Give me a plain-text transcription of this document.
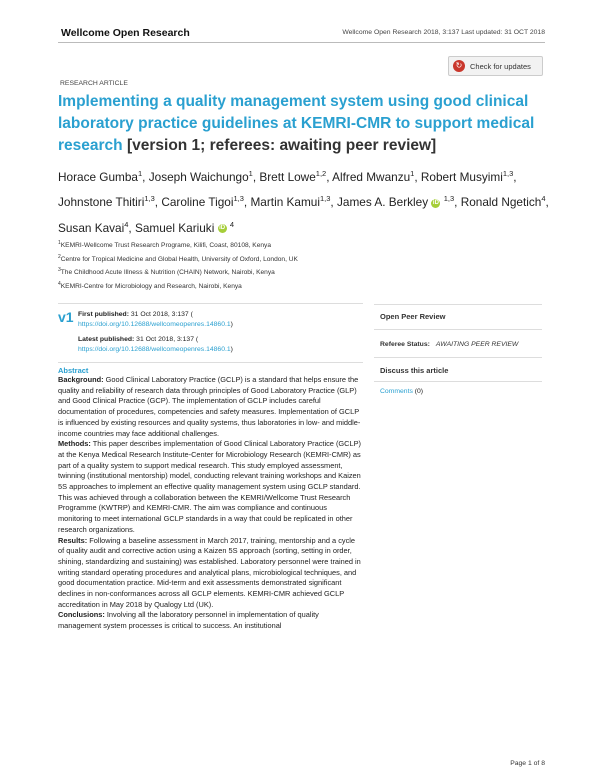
Wellcome Open Research	Wellcome Open Research 2018, 3:137 Last updated: 31 OCT 2018
↻	Check for updates
RESEARCH ARTICLE
Implementing a quality management system using good clinical laboratory practice guidelines at KEMRI-CMR to support medical research [version 1; referees: awaiting peer review]

Horace Gumba$^1$, Joseph Waichungo$^1$, Brett Lowe$^{1,2}$, Alfred Mwanzu$^1$, Robert Musyimi$^{1,3}$, Johnstone Thitiri$^{1,3}$, Caroline Tigoi$^{1,3}$, Martin Kamui$^{1,3}$, James A. Berkley iD $^{1,3}$, Ronald Ngetich$^4$, Susan Kavai$^4$, Samuel Kariuki iD $^4$

$^1$KEMRI-Wellcome Trust Research Programe, Kilifi, Coast, 80108, Kenya
$^2$Centre for Tropical Medicine and Global Health, University of Oxford, London, UK
$^3$The Childhood Acute Illness & Nutrition (CHAIN) Network, Nairobi, Kenya
$^4$KEMRI-Centre for Microbiology and Research, Nairobi, Kenya
v1 First published: 31 Oct 2018, 3:137 (
https://doi.org/10.12688/wellcomeopenres.14860.1)
Latest published: 31 Oct 2018, 3:137 (
https://doi.org/10.12688/wellcomeopenres.14860.1)
Abstract

Background: Good Clinical Laboratory Practice (GCLP) is a standard that helps ensure the quality and reliability of research data through principles of Good Laboratory Practice (GLP) and Good Clinical Practice (GCP). The implementation of GCLP includes careful documentation of procedures, competencies and safety measures. Implementation of GCLP is influenced by existing resources and quality systems, thus laboratories in low- and middle-income countries may face additional challenges.

Methods: This paper describes implementation of Good Clinical Laboratory Practice (GCLP) at the Kenya Medical Research Institute-Center for Microbiology Research (KEMRI-CMR) as part of a quality system to support medical research. This study employed assessment, twinning (institutional mentorship) model, conducting relevant training workshops and Kaizen 5S approaches to implement an effective quality management system using GCLP standard. This was achieved through a collaboration between the KEMRI/Wellcome Trust Research Programme (KWTRP) and KEMRI-CMR. The aim was compliance and continuous monitoring to meet international GCLP standards in a way that could be replicated in other research organizations.

Results: Following a baseline assessment in March 2017, training, mentorship and a cycle of quality audit and corrective action using a Kaizen 5S approach (sorting, setting in order, shining, standardizing and sustaining) was established. Laboratory personnel were trained in writing standard operating procedures and analytical plans, microbiological techniques, and good documentation practice. Mid-term and exit assessments demonstrated significant declines in non-conformances across all GCLP elements. KEMRI-CMR achieved GCLP accreditation in May 2018 by Qualogy Ltd (UK).

Conclusions: Involving all the laboratory personnel in implementation of quality management system processes is critical to success. An institutional

Open Peer Review
Referee Status: AWAITING PEER REVIEW
Discuss this article
Comments (0)
Page 1 of 8
